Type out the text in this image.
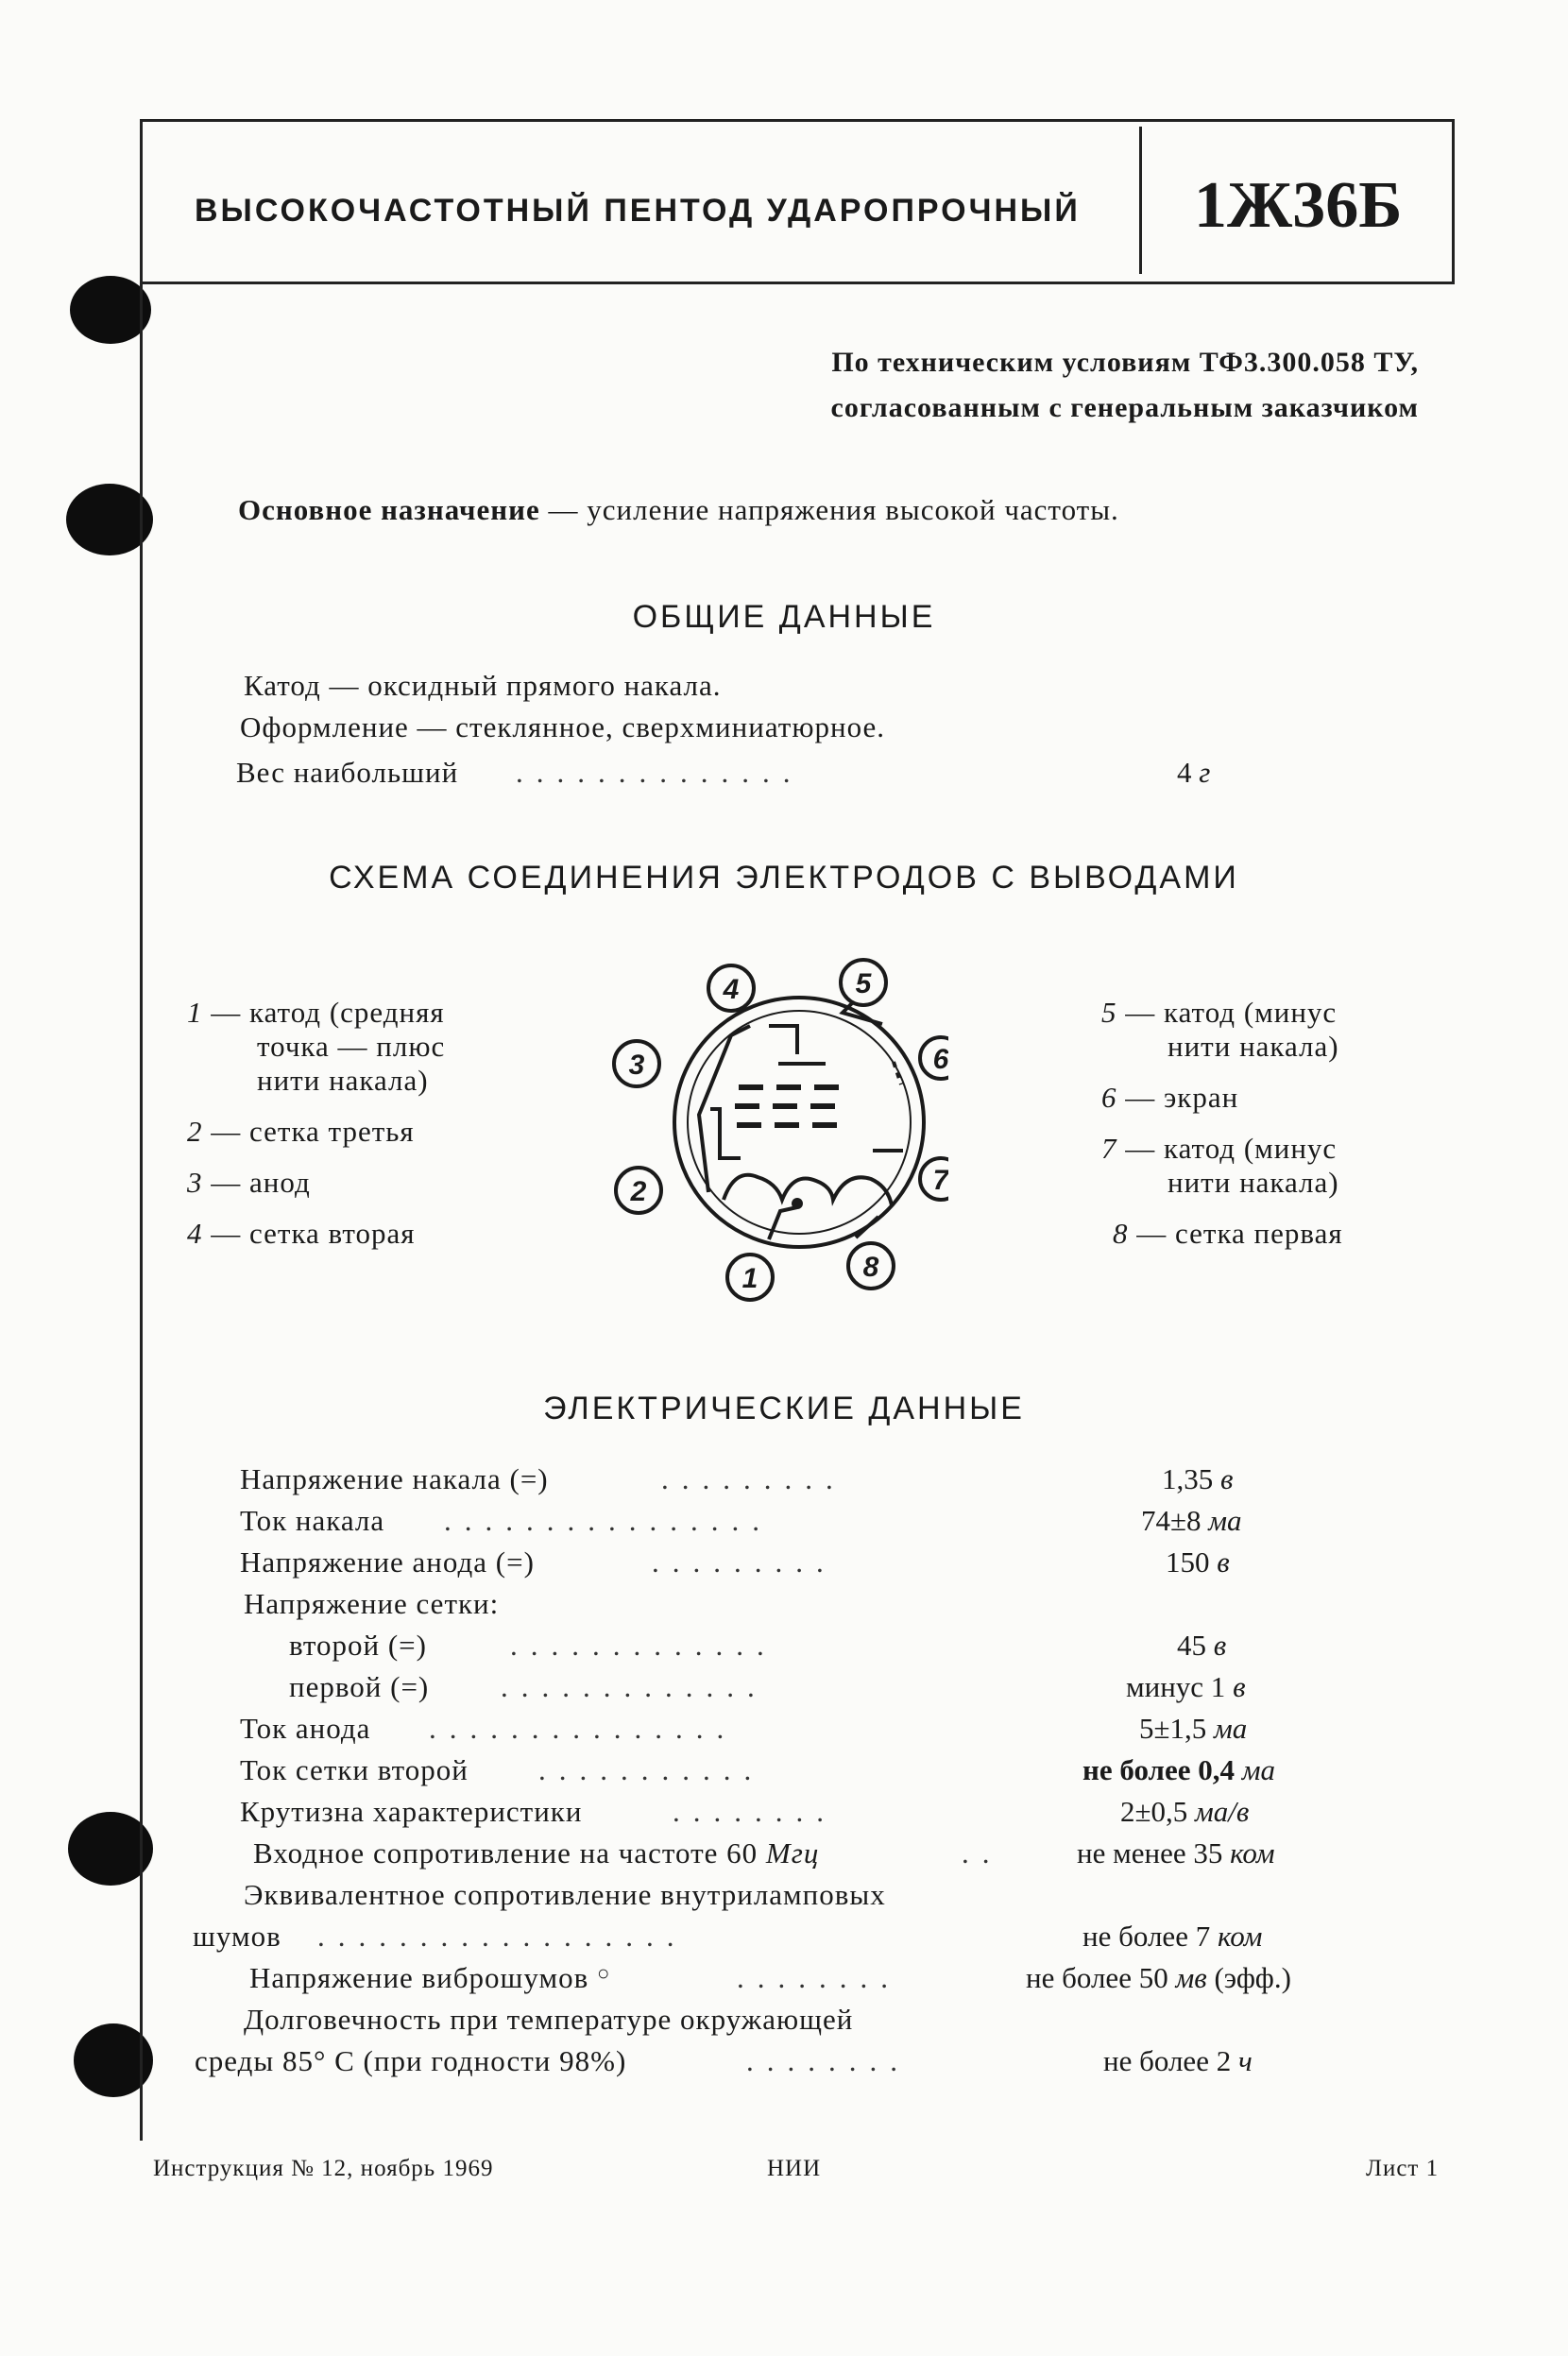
ВЫСОКОЧАСТОТНЫЙ ПЕНТОД УДАРОПРОЧНЫЙ 1Ж36Б
По техническим условиям ТФ3.300.058 ТУ,
согласованным с генеральным заказчиком
Основное назначение — усиление напряжения высокой частоты.
ОБЩИЕ ДАННЫЕ
Катод — оксидный прямого накала.
Оформление — стеклянное, сверхминиатюрное.
Вес наибольший ..............	4 г
СХЕМА СОЕДИНЕНИЯ ЭЛЕКТРОДОВ С ВЫВОДАМИ
1 — катод (средняя
точка — плюс
нити накала)
2 — сетка третья
3 — анод
4 — сетка вторая
5 — катод (минус
нити накала)
6 — экран
7 — катод (минус
нити накала)
8 — сетка первая
4	5
3	6
2	7
1	8
ЭЛЕКТРИЧЕСКИЕ ДАННЫЕ
Напряжение накала (=)	.........	1,35 в
Ток накала ................	74±8 ма
Напряжение анода (=)	.........	150 в
Напряжение сетки:
второй (=)	.............	45 в
первой (=) .............	минус 1 в
Ток анода ...............	5±1,5 ма
Ток сетки второй ...........	не более 0,4 ма
Крутизна характеристики	........	2±0,5 ма/в
Входное сопротивление на частоте 60 Мгц	..	не менее 35 ком
Эквивалентное сопротивление внутриламповых
шумов ..................	не более 7 ком
Напряжение виброшумов ○	........	не более 50 мв (эфф.)
Долговечность при температуре окружающей
среды 85° С (при годности 98%)	........	не более 2 ч
Инструкция № 12, ноябрь 1969	НИИ	Лист 1
